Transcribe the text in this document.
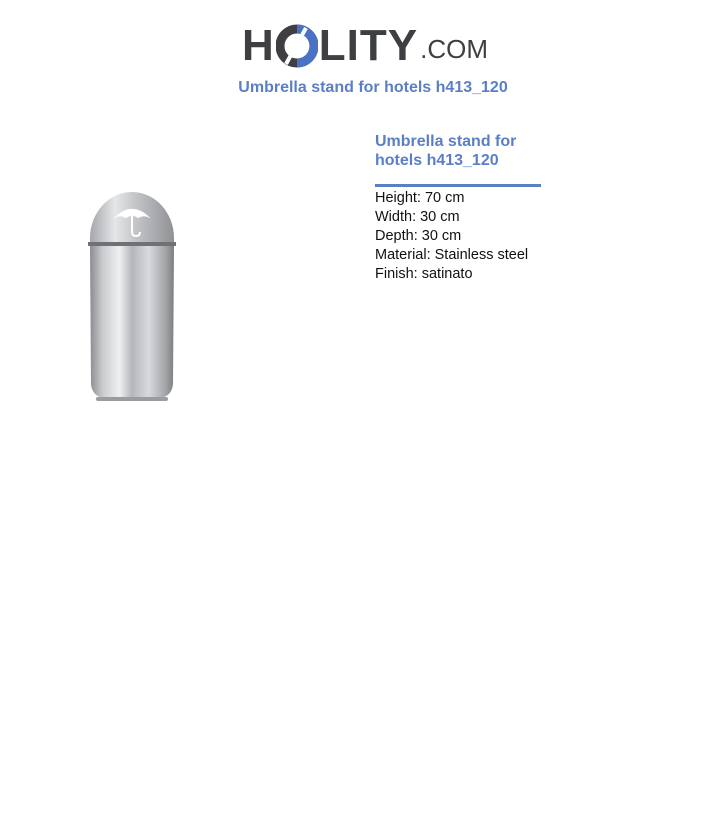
H LITY .COM
Umbrella stand for hotels h413_120
Umbrella stand for hotels h413_120
Height: 70 cm
Width: 30 cm
Depth: 30 cm
Material: Stainless steel
Finish: satinato
